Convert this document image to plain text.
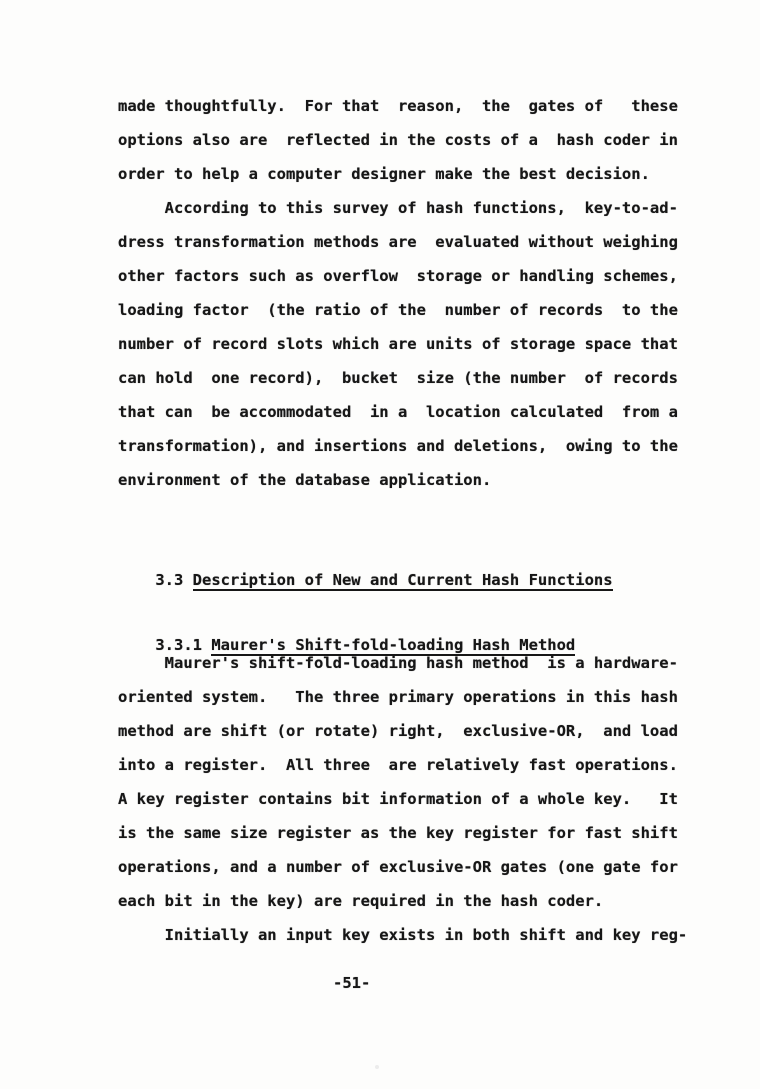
made thoughtfully.  For that  reason,  the  gates of   these
options also are  reflected in the costs of a  hash coder in
order to help a computer designer make the best decision.
According to this survey of hash functions,  key-to-ad-
dress transformation methods are  evaluated without weighing
other factors such as overflow  storage or handling schemes,
loading factor  (the ratio of the  number of records  to the
number of record slots which are units of storage space that
can hold  one record),  bucket  size (the number  of records
that can  be accommodated  in a  location calculated  from a
transformation), and insertions and deletions,  owing to the
environment of the database application.

3.3 Description of New and Current Hash Functions

3.3.1 Maurer's Shift-fold-loading Hash Method

Maurer's shift-fold-loading hash method  is a hardware-
oriented system.   The three primary operations in this hash
method are shift (or rotate) right,  exclusive-OR,  and load
into a register.  All three  are relatively fast operations.
A key register contains bit information of a whole key.   It
is the same size register as the key register for fast shift
operations, and a number of exclusive-OR gates (one gate for
each bit in the key) are required in the hash coder.
Initially an input key exists in both shift and key reg-
-51-
